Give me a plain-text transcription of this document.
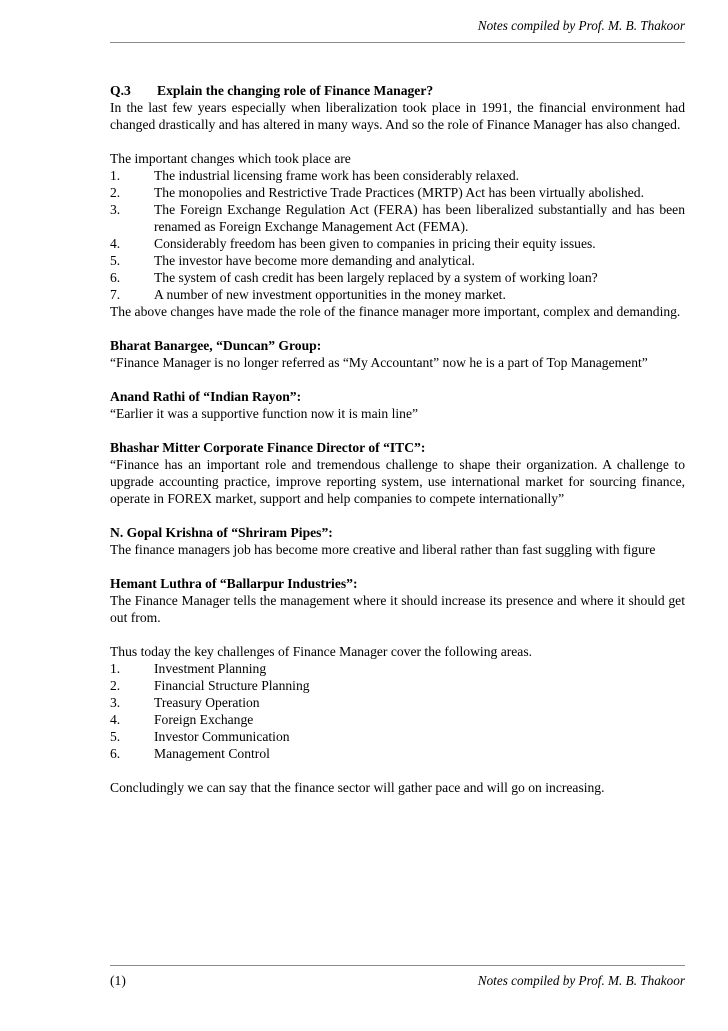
Notes compiled by Prof. M. B. Thakoor

Q.3 Explain the changing role of Finance Manager?

In the last few years especially when liberalization took place in 1991, the financial environment had changed drastically and has altered in many ways. And so the role of Finance Manager has also changed.

The important changes which took place are

1.	The industrial licensing frame work has been considerably relaxed.
2.	The monopolies and Restrictive Trade Practices (MRTP) Act has been virtually abolished.
3.	The Foreign Exchange Regulation Act (FERA) has been liberalized substantially and has been renamed as Foreign Exchange Management Act (FEMA).
4.	Considerably freedom has been given to companies in pricing their equity issues.
5.	The investor have become more demanding and analytical.
6.	The system of cash credit has been largely replaced by a system of working loan?
7.	A number of new investment opportunities in the money market.

The above changes have made the role of the finance manager more important, complex and demanding.

Bharat Banargee, “Duncan” Group:

“Finance Manager is no longer referred as “My Accountant” now he is a part of Top Management”

Anand Rathi of “Indian Rayon”:

“Earlier it was a supportive function now it is main line”

Bhashar Mitter Corporate Finance Director of “ITC”:

“Finance has an important role and tremendous challenge to shape their organization. A challenge to upgrade accounting practice, improve reporting system, use international market for sourcing finance, operate in FOREX market, support and help companies to compete internationally”

N. Gopal Krishna of “Shriram Pipes”:

The finance managers job has become more creative and liberal rather than fast suggling with figure

Hemant Luthra of “Ballarpur Industries”:

The Finance Manager tells the management where it should increase its presence and where it should get out from.

Thus today the key challenges of Finance Manager cover the following areas.

1.	Investment Planning
2.	Financial Structure Planning
3.	Treasury Operation
4.	Foreign Exchange
5.	Investor Communication
6.	Management Control

Concludingly we can say that the finance sector will gather pace and will go on increasing.

(1)	Notes compiled by Prof. M. B. Thakoor
